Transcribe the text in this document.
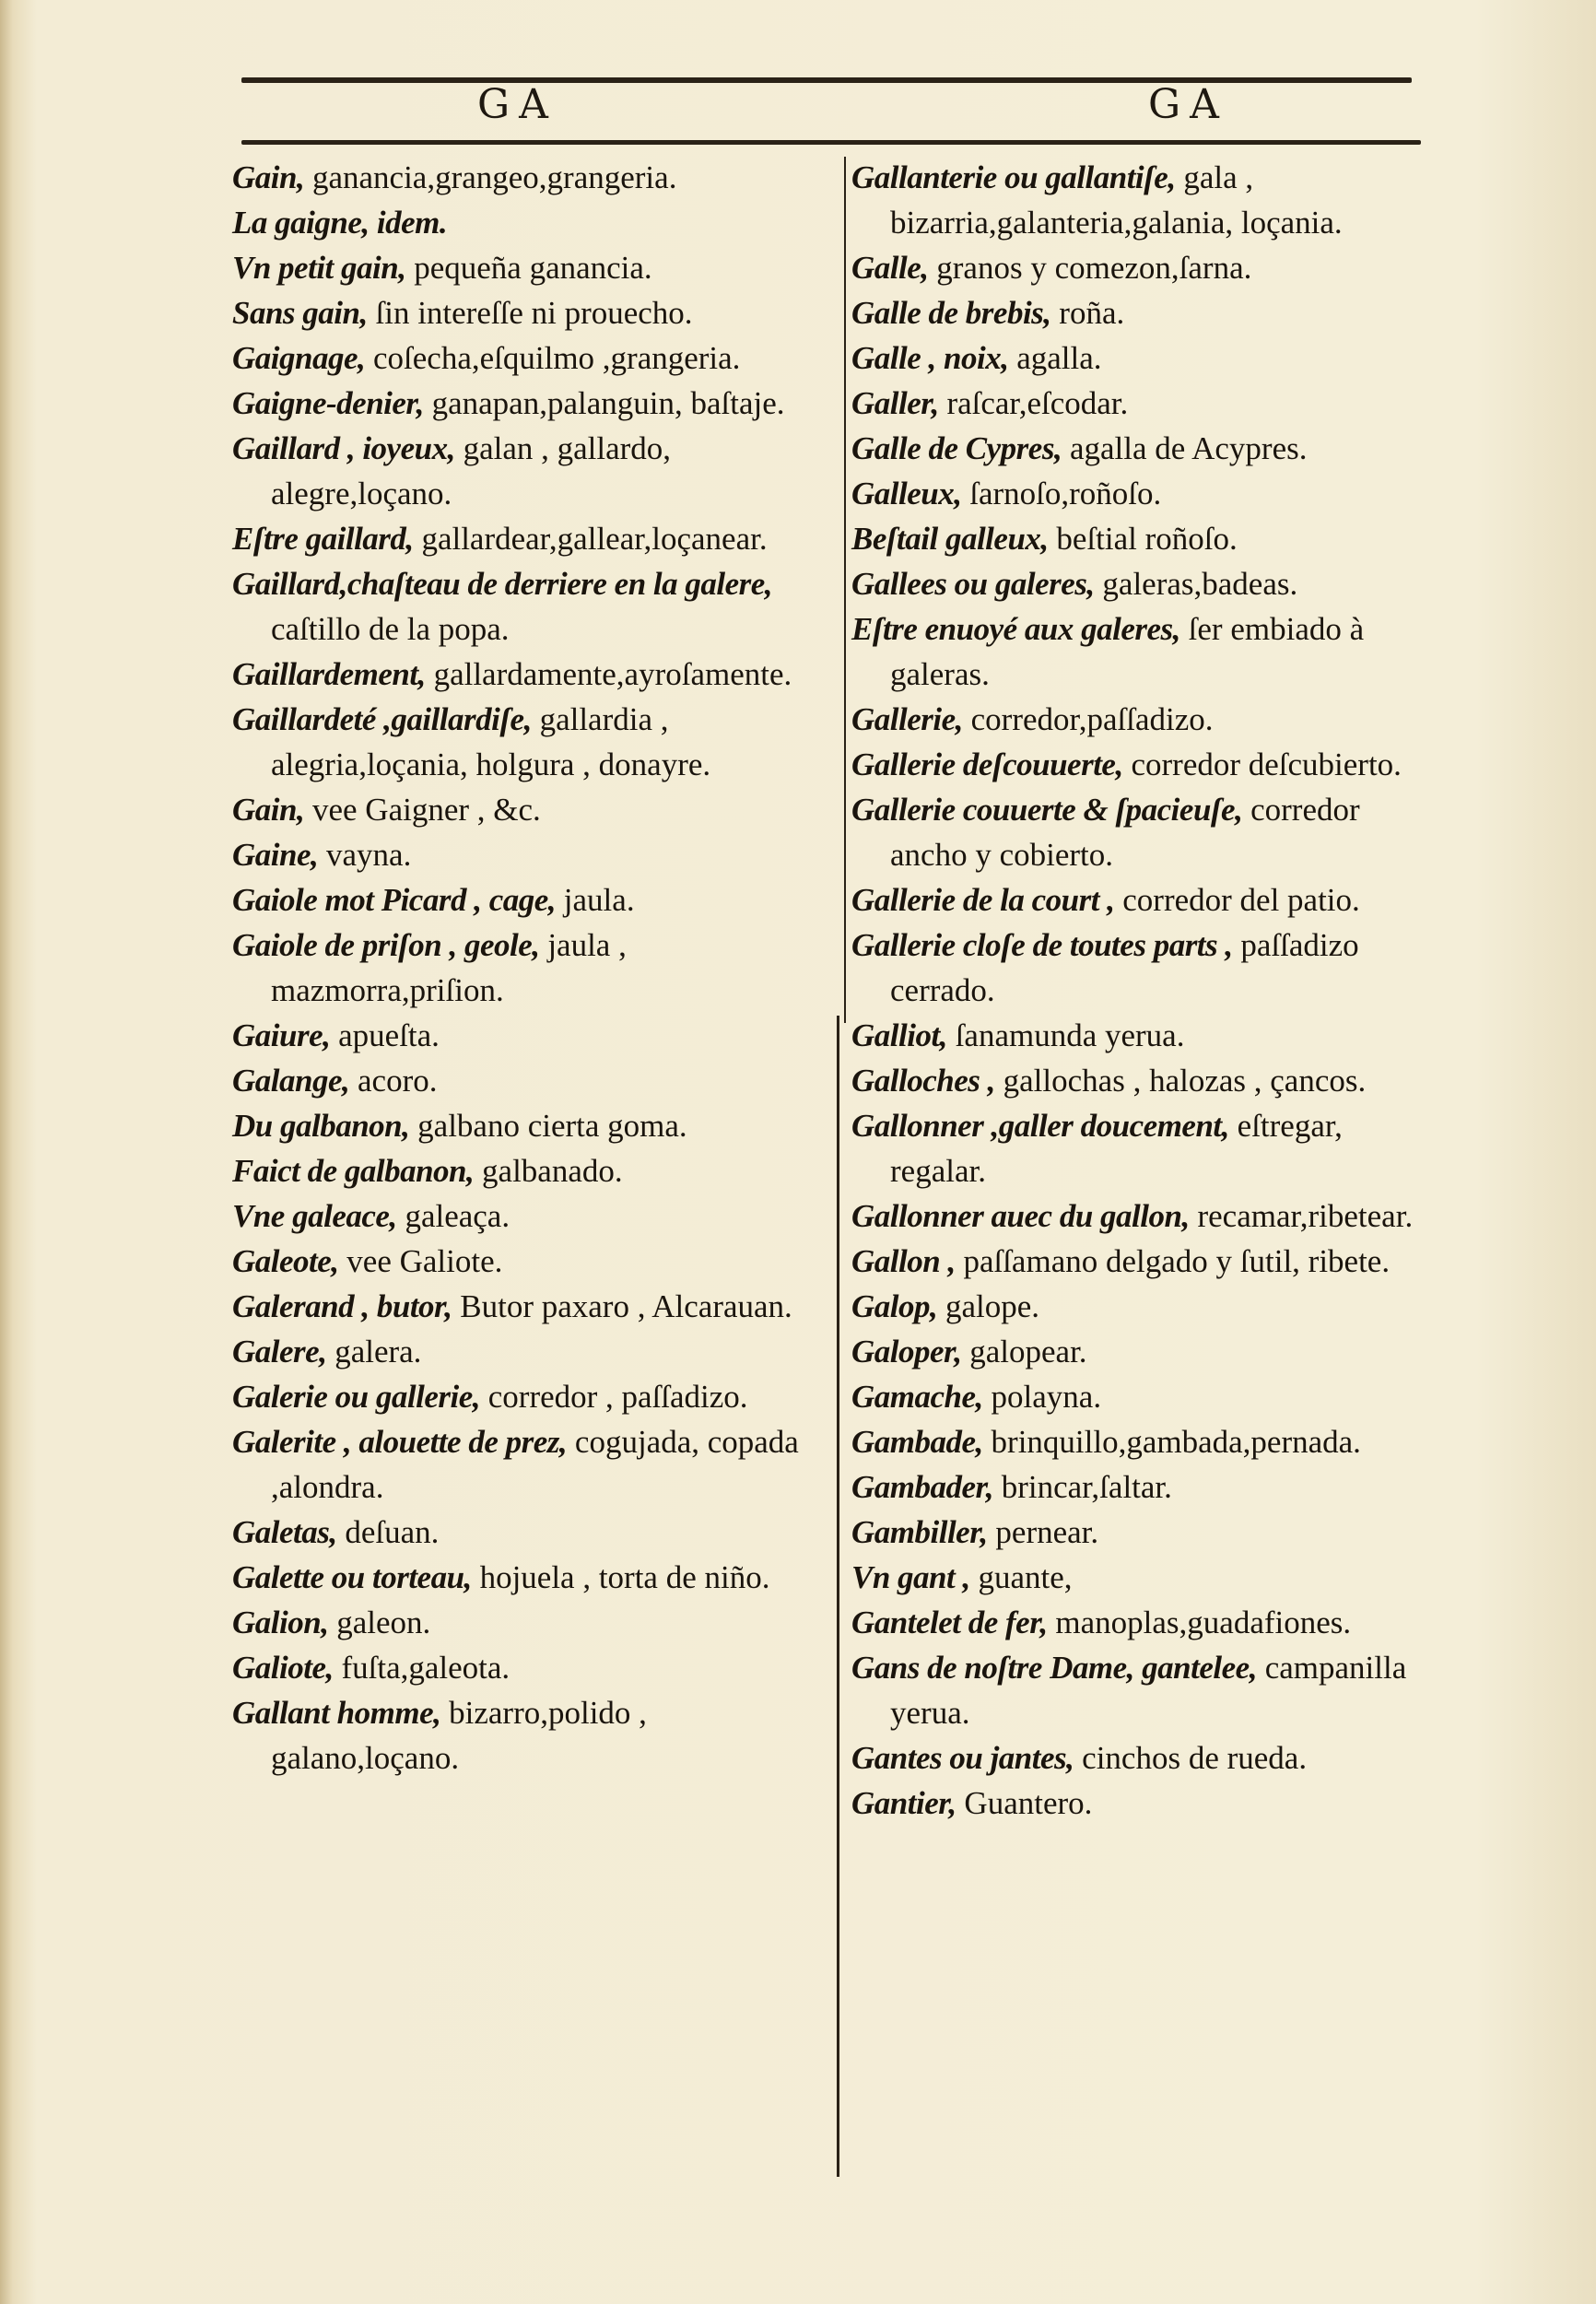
GA	GA

Gain, ganancia,grangeo,grangeria.

La gaigne, idem.

Vn petit gain, pequeña ganancia.

Sans gain, ſin intereſſe ni prouecho.

Gaignage, coſecha,eſquilmo ,grangeria.

Gaigne-denier, ganapan,palanguin, baſtaje.

Gaillard , ioyeux, galan , gallardo, alegre,loçano.

Eſtre gaillard, gallardear,gallear,loçanear.

Gaillard,chaſteau de derriere en la galere, caſtillo de la popa.

Gaillardement, gallardamente,ayroſamente.

Gaillardeté ,gaillardiſe, gallardia , alegria,loçania, holgura , donayre.

Gain, vee Gaigner , &c.

Gaine, vayna.

Gaiole mot Picard , cage, jaula.

Gaiole de priſon , geole, jaula , mazmorra,priſion.

Gaiure, apueſta.

Galange, acoro.

Du galbanon, galbano cierta goma.

Faict de galbanon, galbanado.

Vne galeace, galeaça.

Galeote, vee Galiote.

Galerand , butor, Butor paxaro , Alcarauan.

Galere, galera.

Galerie ou gallerie, corredor , paſſadizo.

Galerite , alouette de prez, cogujada, copada ,alondra.

Galetas, deſuan.

Galette ou torteau, hojuela , torta de niño.

Galion, galeon.

Galiote, fuſta,galeota.

Gallant homme, bizarro,polido , galano,loçano.

Gallanterie ou gallantiſe, gala , bizarria,galanteria,galania, loçania.

Galle, granos y comezon,ſarna.

Galle de brebis, roña.

Galle , noix, agalla.

Galler, raſcar,eſcodar.

Galle de Cypres, agalla de Acypres.

Galleux, ſarnoſo,roñoſo.

Beſtail galleux, beſtial roñoſo.

Gallees ou galeres, galeras,badeas.

Eſtre enuoyé aux galeres, ſer embiado à galeras.

Gallerie, corredor,paſſadizo.

Gallerie deſcouuerte, corredor deſcubierto.

Gallerie couuerte & ſpacieuſe, corredor ancho y cobierto.

Gallerie de la court , corredor del patio.

Gallerie cloſe de toutes parts , paſſadizo cerrado.

Galliot, ſanamunda yerua.

Galloches , gallochas , halozas , çancos.

Gallonner ,galler doucement, eſtregar, regalar.

Gallonner auec du gallon, recamar,ribetear.

Gallon , paſſamano delgado y ſutil, ribete.

Galop, galope.

Galoper, galopear.

Gamache, polayna.

Gambade, brinquillo,gambada,pernada.

Gambader, brincar,ſaltar.

Gambiller, pernear.

Vn gant , guante,

Gantelet de fer, manoplas,guadafiones.

Gans de noſtre Dame, gantelee, campanilla yerua.

Gantes ou jantes, cinchos de rueda.

Gantier, Guantero.
